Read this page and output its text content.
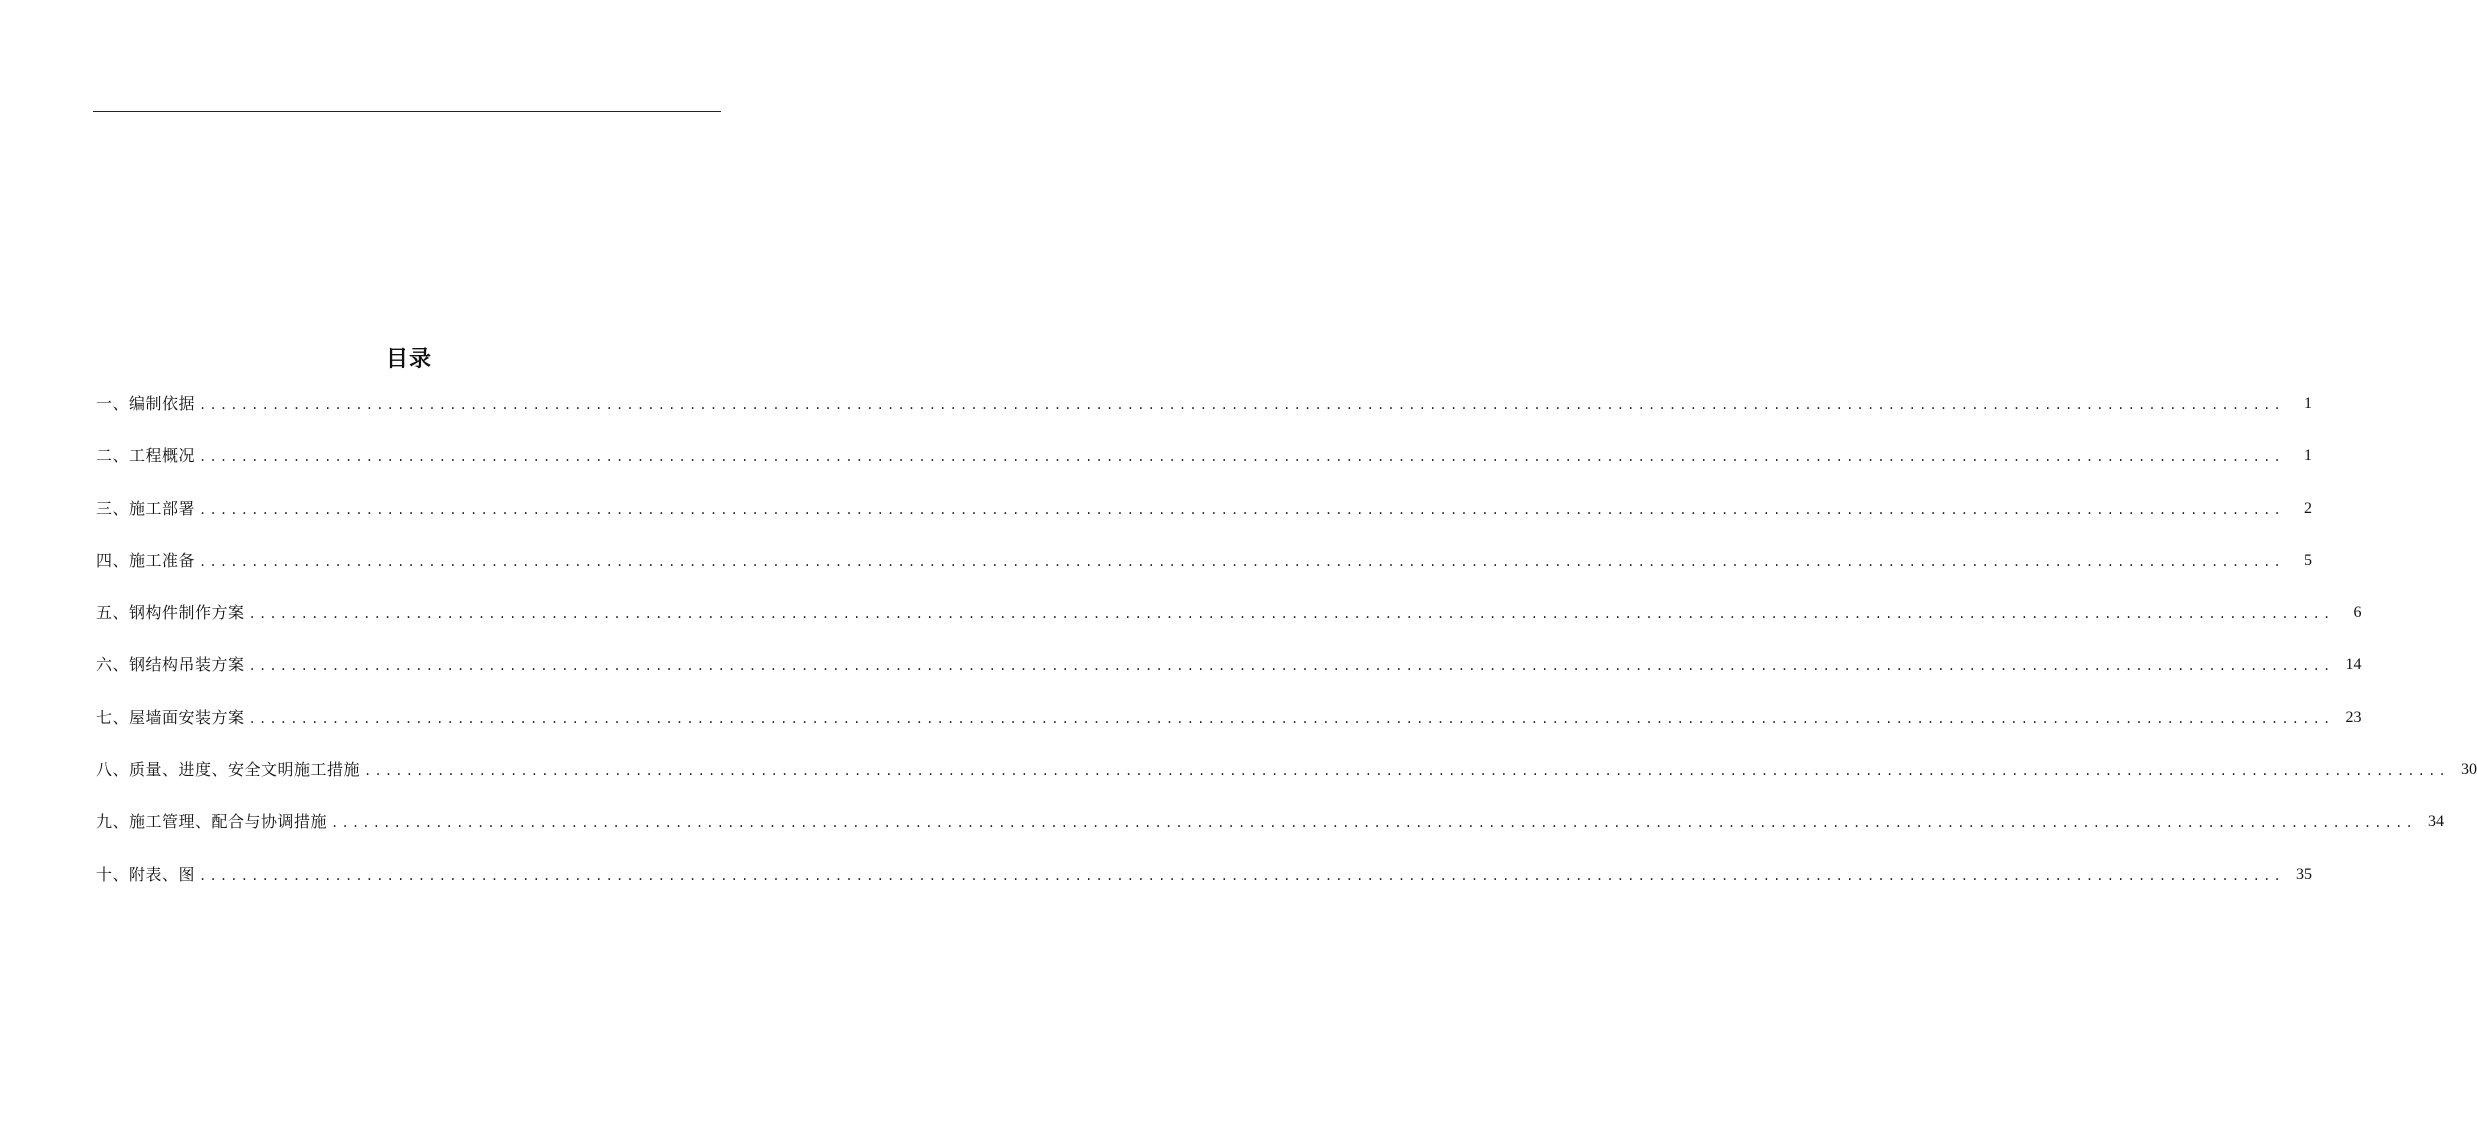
目录
一、编制依据 ........................................................................................................................................................................................................	1
二、工程概况 ........................................................................................................................................................................................................	1
三、施工部署 ........................................................................................................................................................................................................	2
四、施工准备 ........................................................................................................................................................................................................	5
五、钢构件制作方案 ........................................................................................................................................................................................................	6
六、钢结构吊装方案 ........................................................................................................................................................................................................ 14
七、屋墙面安装方案 ........................................................................................................................................................................................................ 23
八、质量、进度、安全文明施工措施 ........................................................................................................................................................................................................ 30
九、施工管理、配合与协调措施 ........................................................................................................................................................................................................ 34
十、附表、图 ........................................................................................................................................................................................................ 35
